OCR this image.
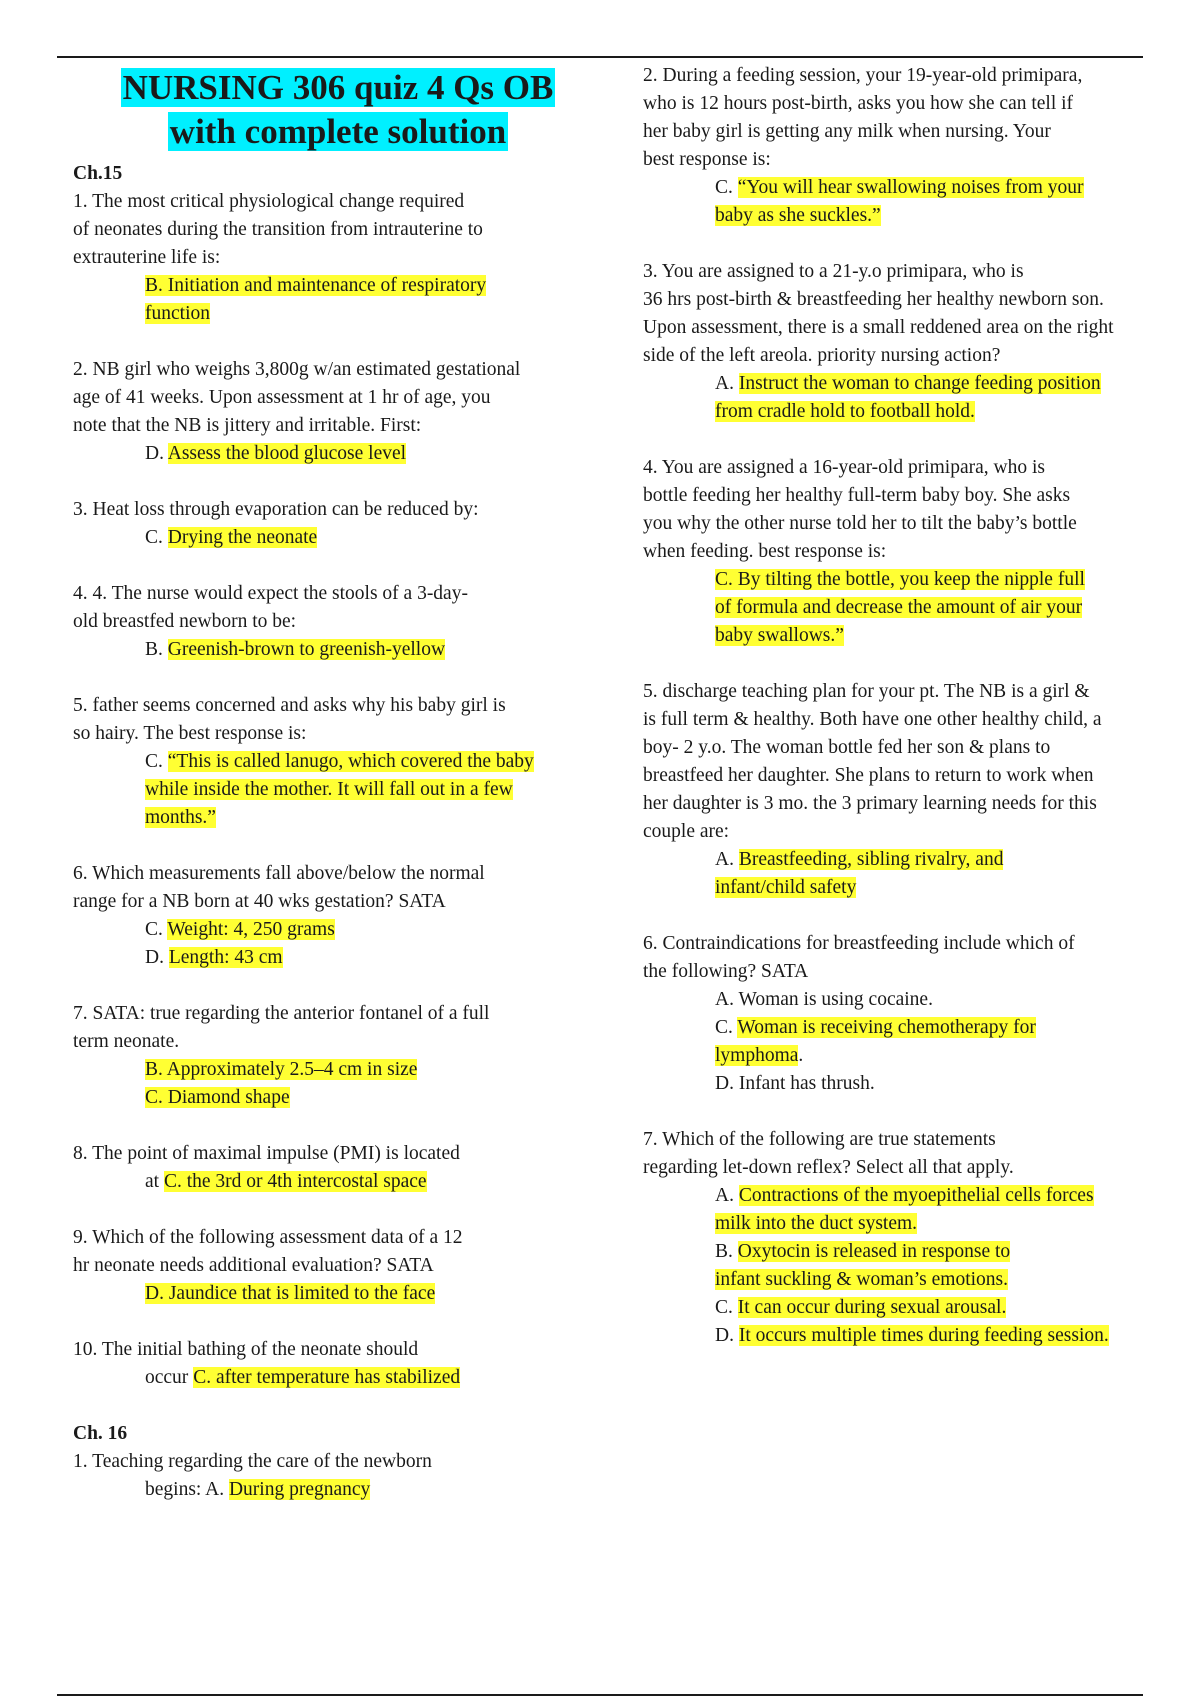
NURSING 306 quiz 4 Qs OB
with complete solution

Ch.15

1. The most critical physiological change required

of neonates during the transition from intrauterine to

extrauterine life is:

B. Initiation and maintenance of respiratory

function

2. NB girl who weighs 3,800g w/an estimated gestational

age of 41 weeks. Upon assessment at 1 hr of age, you

note that the NB is jittery and irritable. First:

D. Assess the blood glucose level

3. Heat loss through evaporation can be reduced by:

C. Drying the neonate

4. 4. The nurse would expect the stools of a 3-day-

old breastfed newborn to be:

B. Greenish-brown to greenish-yellow

5. father seems concerned and asks why his baby girl is

so hairy. The best response is:

C. “This is called lanugo, which covered the baby

while inside the mother. It will fall out in a few

months.”

6. Which measurements fall above/below the normal

range for a NB born at 40 wks gestation? SATA

C. Weight: 4, 250 grams

D. Length: 43 cm

7. SATA: true regarding the anterior fontanel of a full

term neonate.

B. Approximately 2.5–4 cm in size

C. Diamond shape

8. The point of maximal impulse (PMI) is located

at C. the 3rd or 4th intercostal space

9. Which of the following assessment data of a 12

hr neonate needs additional evaluation? SATA

D. Jaundice that is limited to the face

10. The initial bathing of the neonate should

occur C. after temperature has stabilized

Ch. 16

1. Teaching regarding the care of the newborn

begins: A. During pregnancy

2. During a feeding session, your 19-year-old primipara,

who is 12 hours post-birth, asks you how she can tell if

her baby girl is getting any milk when nursing. Your

best response is:

C. “You will hear swallowing noises from your

baby as she suckles.”

3. You are assigned to a 21-y.o primipara, who is

36 hrs post-birth & breastfeeding her healthy newborn son.

Upon assessment, there is a small reddened area on the right

side of the left areola. priority nursing action?

A. Instruct the woman to change feeding position

from cradle hold to football hold.

4. You are assigned a 16-year-old primipara, who is

bottle feeding her healthy full-term baby boy. She asks

you why the other nurse told her to tilt the baby’s bottle

when feeding. best response is:

C. By tilting the bottle, you keep the nipple full

of formula and decrease the amount of air your

baby swallows.”

5. discharge teaching plan for your pt. The NB is a girl &

is full term & healthy. Both have one other healthy child, a

boy- 2 y.o. The woman bottle fed her son & plans to

breastfeed her daughter. She plans to return to work when

her daughter is 3 mo. the 3 primary learning needs for this

couple are:

A. Breastfeeding, sibling rivalry, and

infant/child safety

6. Contraindications for breastfeeding include which of

the following? SATA

A. Woman is using cocaine.

C. Woman is receiving chemotherapy for

lymphoma.

D. Infant has thrush.

7. Which of the following are true statements

regarding let-down reflex? Select all that apply.

A. Contractions of the myoepithelial cells forces

milk into the duct system.

B. Oxytocin is released in response to

infant suckling & woman’s emotions.

C. It can occur during sexual arousal.

D. It occurs multiple times during feeding session.
